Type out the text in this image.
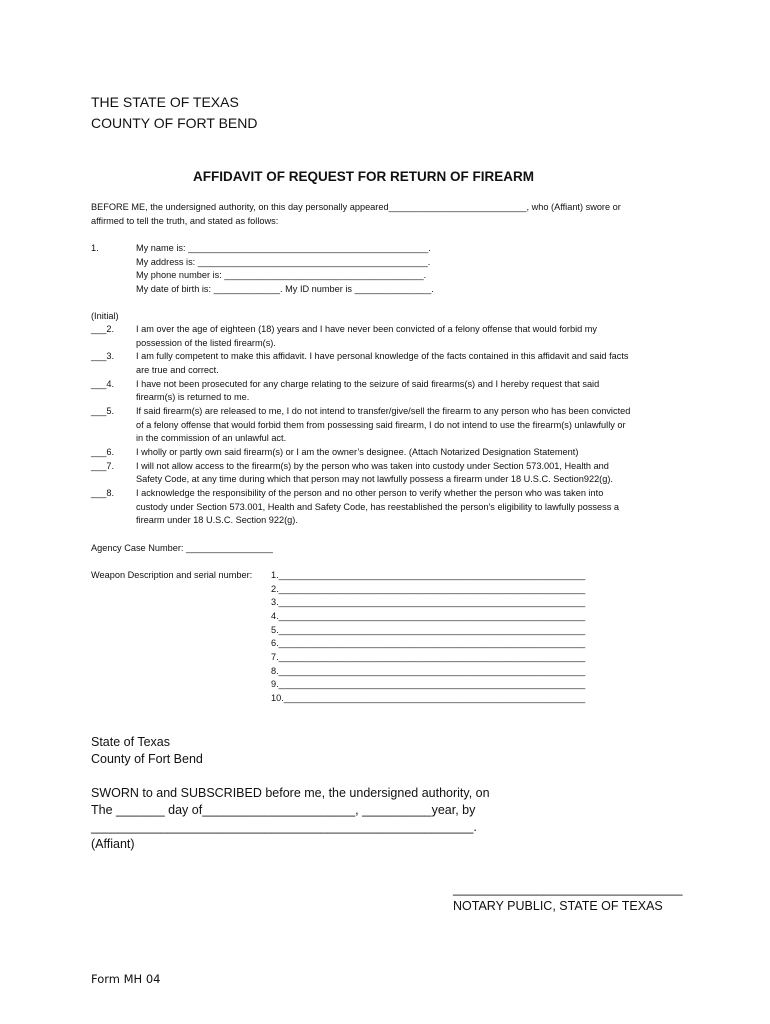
THE STATE OF TEXAS
COUNTY OF FORT BEND
AFFIDAVIT OF REQUEST FOR RETURN OF FIREARM
BEFORE ME, the undersigned authority, on this day personally appeared___________________________, who (Affiant) swore or
affirmed to tell the truth, and stated as follows:
1.	My name is: _______________________________________________.
My address is: _____________________________________________.
My phone number is: _______________________________________.
My date of birth is: _____________. My ID number is _______________.
(Initial)
___2. I am over the age of eighteen (18) years and I have never been convicted of a felony offense that would forbid my
possession of the listed firearm(s).
___3. I am fully competent to make this affidavit. I have personal knowledge of the facts contained in this affidavit and said facts
are true and correct.
___4. I have not been prosecuted for any charge relating to the seizure of said firearms(s) and I hereby request that said
firearm(s) is returned to me.
___5. If said firearm(s) are released to me, I do not intend to transfer/give/sell the firearm to any person who has been convicted
of a felony offense that would forbid them from possessing said firearm, I do not intend to use the firearm(s) unlawfully or
in the commission of an unlawful act.
___6. I wholly or partly own said firearm(s) or I am the owner’s designee. (Attach Notarized Designation Statement)
___7. I will not allow access to the firearm(s) by the person who was taken into custody under Section 573.001, Health and
Safety Code, at any time during which that person may not lawfully possess a firearm under 18 U.S.C. Section922(g).
___8. I acknowledge the responsibility of the person and no other person to verify whether the person who was taken into
custody under Section 573.001, Health and Safety Code, has reestablished the person’s eligibility to lawfully possess a
firearm under 18 U.S.C. Section 922(g).
Agency Case Number: _________________
Weapon Description and serial number: 1.____________________________________________________________
2.____________________________________________________________
3.____________________________________________________________
4.____________________________________________________________
5.____________________________________________________________
6.____________________________________________________________
7.____________________________________________________________
8.____________________________________________________________
9.____________________________________________________________
10.___________________________________________________________
State of Texas
County of Fort Bend
SWORN to and SUBSCRIBED before me, the undersigned authority, on
The _______ day of______________________, __________year, by
_______________________________________________________.
(Affiant)
_________________________________
NOTARY PUBLIC, STATE OF TEXAS
Form MH 04
